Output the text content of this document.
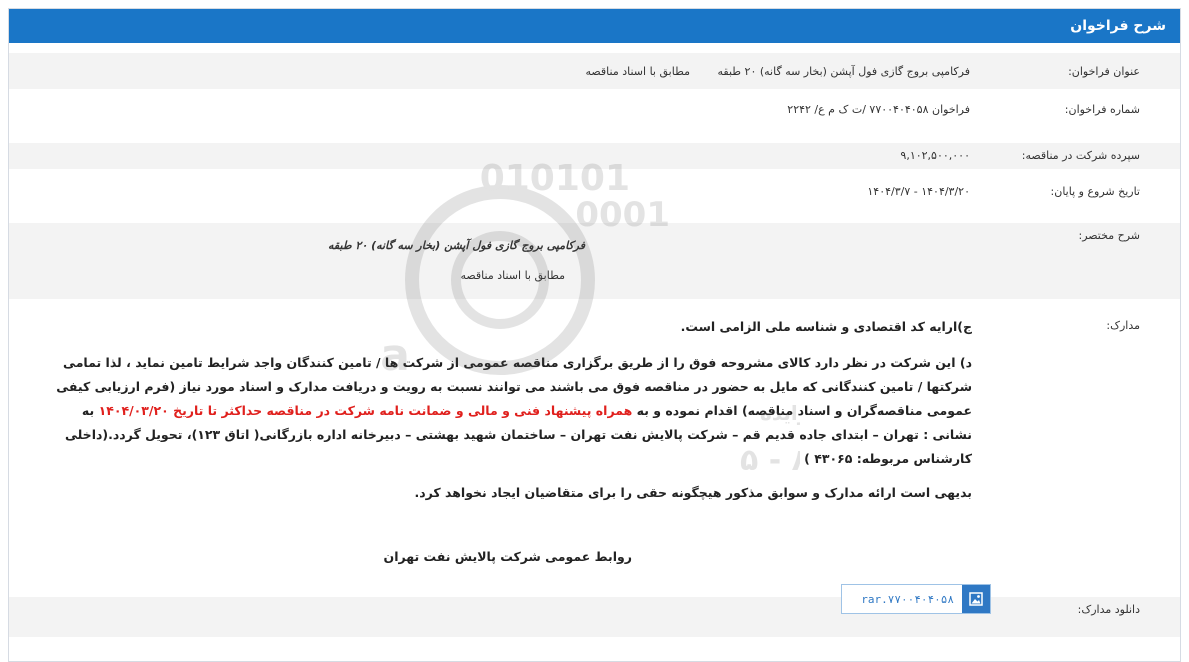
شرح فراخوان
عنوان فراخوان:
فرکامپی بروج گازی فول آپشن (بخار سه گانه) ۲۰ طبقه
مطابق با اسناد مناقصه
شماره فراخوان:
فراخوان ۷۷۰۰۴۰۴۰۵۸ /ت ک م ع/ ۲۲۴۲
سپرده شرکت در مناقصه:
۹,۱۰۲,۵۰۰,۰۰۰
تاریخ شروع و پایان:
۱۴۰۴/۳/۲۰ - ۱۴۰۴/۳/۷
شرح مختصر:
فرکامپی بروج گازی فول آپشن (بخار سه گانه) ۲۰ طبقه
مطابق با اسناد مناقصه
مدارک:
ج)ارایه کد اقتصادی و شناسه ملی الزامی است.
د) این شرکت در نظر دارد کالای مشروحه فوق را از طریق برگزاری مناقصه عمومی از شرکت ها / تامین کنندگان واجد شرایط تامین نماید ، لذا تمامی
شرکتها / تامین کنندگانی که مایل به حضور در مناقصه فوق می باشند می توانند نسبت به رویت و دریافت مدارک و اسناد مورد نیاز (فرم ارزیابی کیفی
عمومی مناقصه‌گران و اسناد مناقصه) اقدام نموده و به همراه پیشنهاد فنی و مالی و ضمانت نامه شرکت در مناقصه حداکثر تا تاریخ ۱۴۰۴/۰۳/۲۰ به
نشانی : تهران – ابتدای جاده قدیم قم – شرکت پالایش نفت تهران – ساختمان شهید بهشتی – دبیرخانه اداره بازرگانی( اتاق ۱۲۳)، تحویل گردد.(داخلی
کارشناس مربوطه: ۴۳۰۶۵ )
بدیهی است ارائه مدارک و سوابق مذکور هیچگونه حقی را برای متقاضیان ایجاد نخواهد کرد.
روابط عمومی شرکت پالایش نفت تهران
دانلود مدارک:
rar.۷۷۰۰۴۰۴۰۵۸
